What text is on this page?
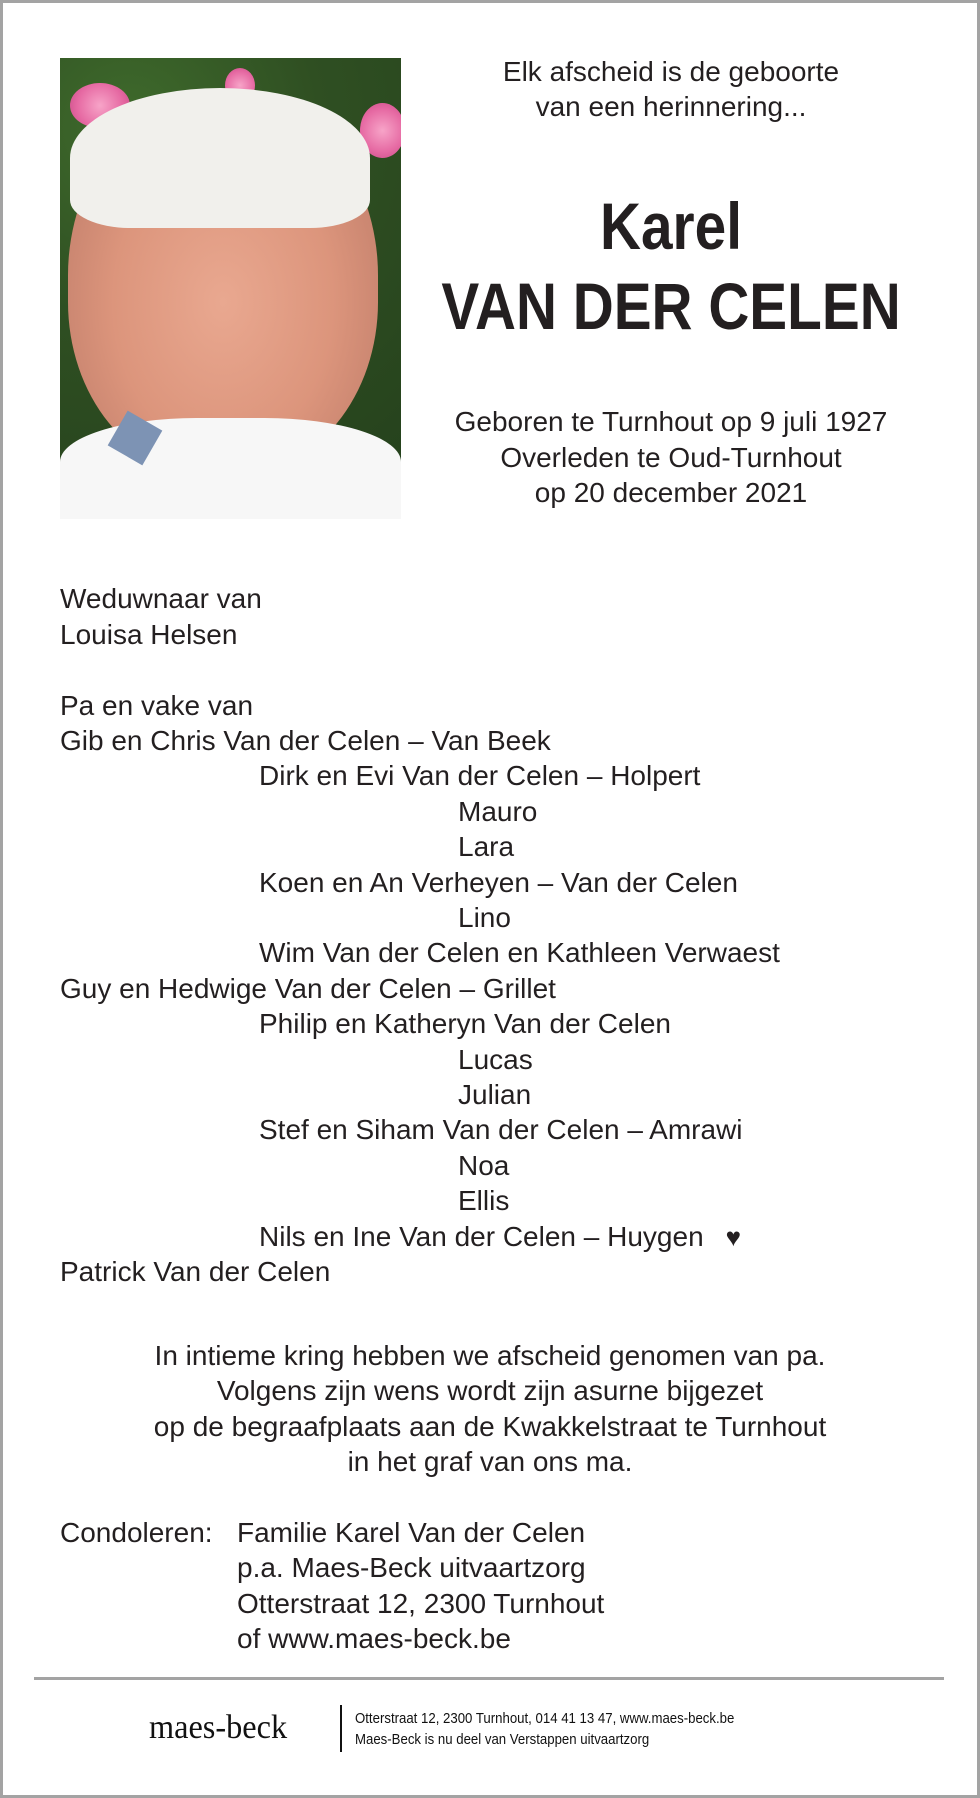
Elk afscheid is de geboorte
van een herinnering...
Karel
VAN DER CELEN
Geboren te Turnhout op 9 juli 1927
Overleden te Oud-Turnhout
op 20 december 2021
Weduwnaar van
Louisa Helsen
Pa en vake van
Gib en Chris Van der Celen – Van Beek
Dirk en Evi Van der Celen – Holpert
Mauro
Lara
Koen en An Verheyen – Van der Celen
Lino
Wim Van der Celen en Kathleen Verwaest
Guy en Hedwige Van der Celen – Grillet
Philip en Katheryn Van der Celen
Lucas
Julian
Stef en Siham Van der Celen – Amrawi
Noa
Ellis
Nils en Ine Van der Celen – Huygen ♥
Patrick Van der Celen
In intieme kring hebben we afscheid genomen van pa.
Volgens zijn wens wordt zijn asurne bijgezet
op de begraafplaats aan de Kwakkelstraat te Turnhout
in het graf van ons ma.
Condoleren: Familie Karel Van der Celen
p.a. Maes-Beck uitvaartzorg
Otterstraat 12, 2300 Turnhout
of www.maes-beck.be
maes-beck	Otterstraat 12, 2300 Turnhout, 014 41 13 47, www.maes-beck.be
Maes-Beck is nu deel van Verstappen uitvaartzorg
